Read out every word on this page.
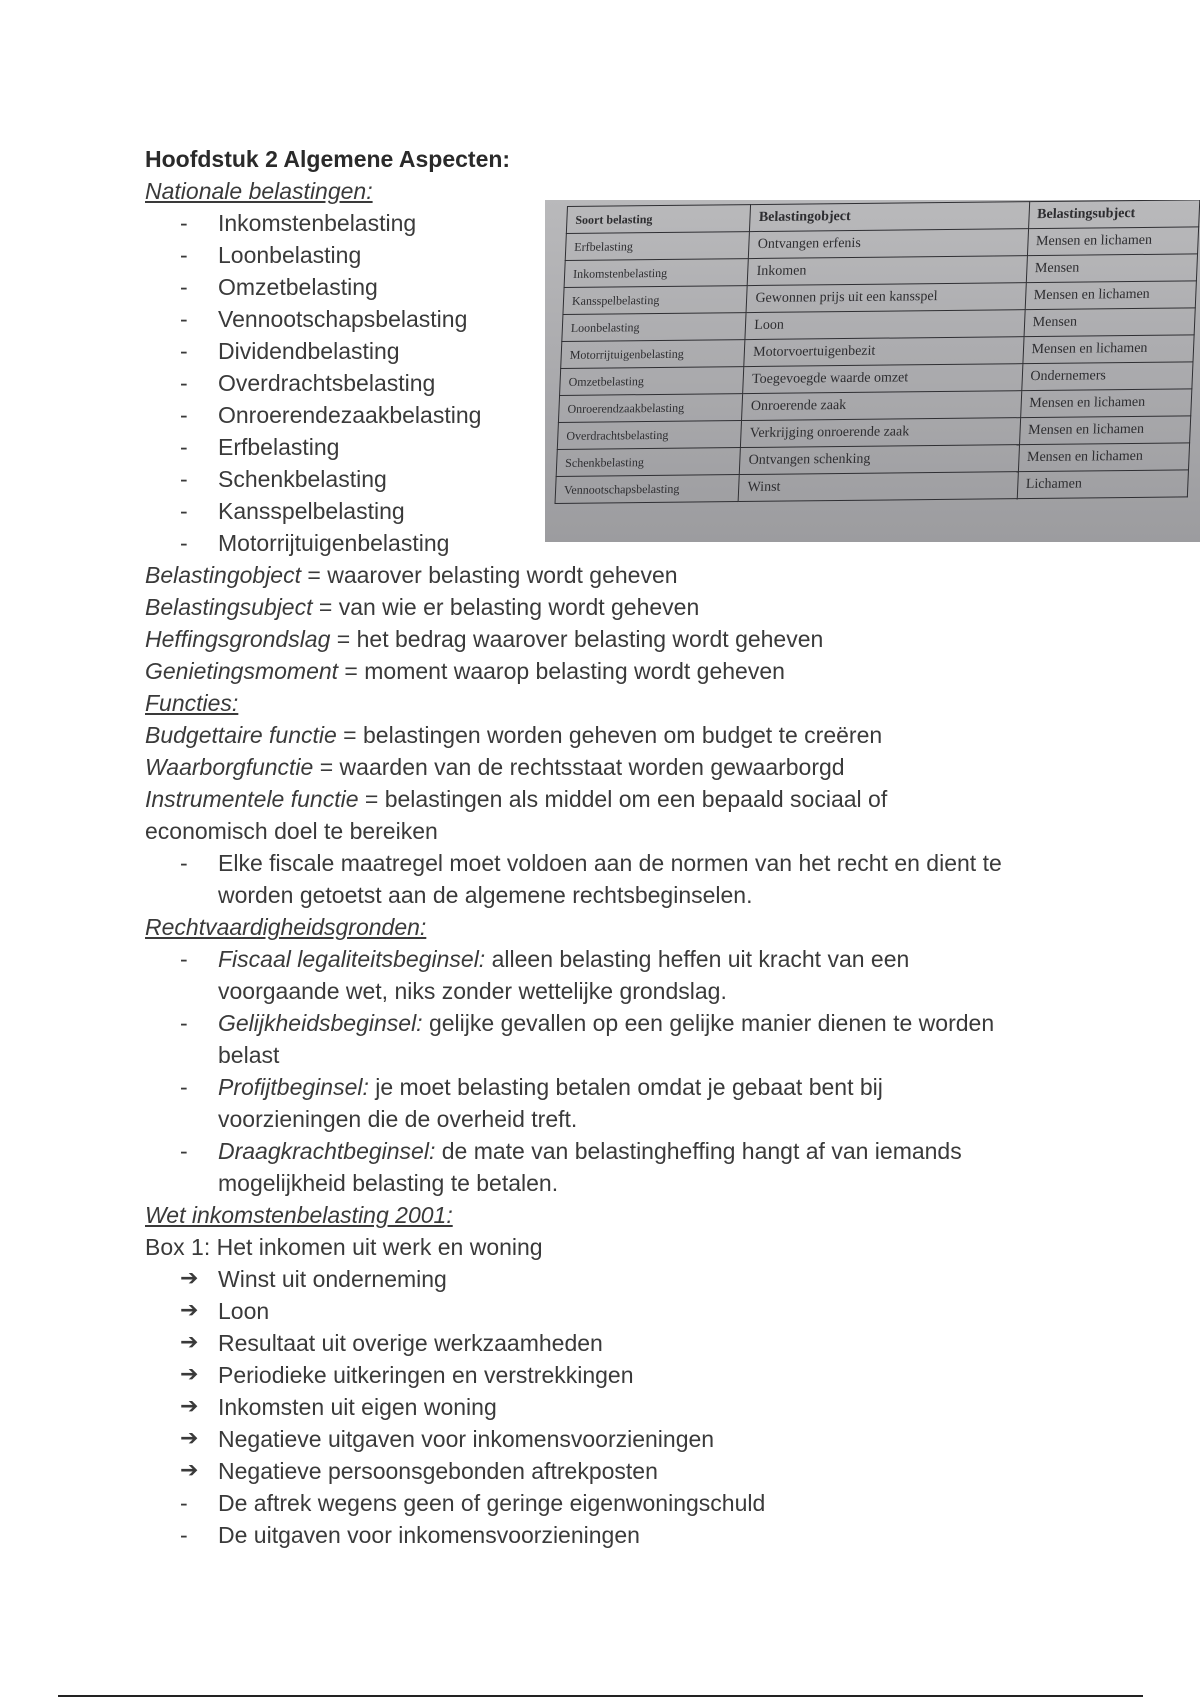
Hoofdstuk 2 Algemene Aspecten:
Nationale belastingen:
-	Inkomstenbelasting
-	Loonbelasting
-	Omzetbelasting
-	Vennootschapsbelasting
-	Dividendbelasting
-	Overdrachtsbelasting
-	Onroerendezaakbelasting
-	Erfbelasting
-	Schenkbelasting
-	Kansspelbelasting
-	Motorrijtuigenbelasting
Soort belasting	Belastingobject	Belastingsubject
Erfbelasting	Ontvangen erfenis	Mensen en lichamen
Inkomstenbelasting	Inkomen	Mensen
Kansspelbelasting	Gewonnen prijs uit een kansspel	Mensen en lichamen
Loonbelasting	Loon	Mensen
Motorrijtuigenbelasting	Motorvoertuigenbezit	Mensen en lichamen
Omzetbelasting	Toegevoegde waarde omzet	Ondernemers
Onroerendzaakbelasting	Onroerende zaak	Mensen en lichamen
Overdrachtsbelasting	Verkrijging onroerende zaak	Mensen en lichamen
Schenkbelasting	Ontvangen schenking	Mensen en lichamen
Vennootschapsbelasting	Winst	Lichamen
Belastingobject = waarover belasting wordt geheven
Belastingsubject = van wie er belasting wordt geheven
Heffingsgrondslag = het bedrag waarover belasting wordt geheven
Genietingsmoment = moment waarop belasting wordt geheven
Functies:
Budgettaire functie = belastingen worden geheven om budget te creëren
Waarborgfunctie = waarden van de rechtsstaat worden gewaarborgd
Instrumentele functie = belastingen als middel om een bepaald sociaal of
economisch doel te bereiken
-	Elke fiscale maatregel moet voldoen aan de normen van het recht en dient te
worden getoetst aan de algemene rechtsbeginselen.
Rechtvaardigheidsgronden:
-	Fiscaal legaliteitsbeginsel: alleen belasting heffen uit kracht van een
voorgaande wet, niks zonder wettelijke grondslag.
-	Gelijkheidsbeginsel: gelijke gevallen op een gelijke manier dienen te worden
belast
-	Profijtbeginsel: je moet belasting betalen omdat je gebaat bent bij
voorzieningen die de overheid treft.
-	Draagkrachtbeginsel: de mate van belastingheffing hangt af van iemands
mogelijkheid belasting te betalen.
Wet inkomstenbelasting 2001:
Box 1: Het inkomen uit werk en woning
➔ Winst uit onderneming
➔ Loon
➔ Resultaat uit overige werkzaamheden
➔ Periodieke uitkeringen en verstrekkingen
➔ Inkomsten uit eigen woning
➔ Negatieve uitgaven voor inkomensvoorzieningen
➔ Negatieve persoonsgebonden aftrekposten
-	De aftrek wegens geen of geringe eigenwoningschuld
-	De uitgaven voor inkomensvoorzieningen
